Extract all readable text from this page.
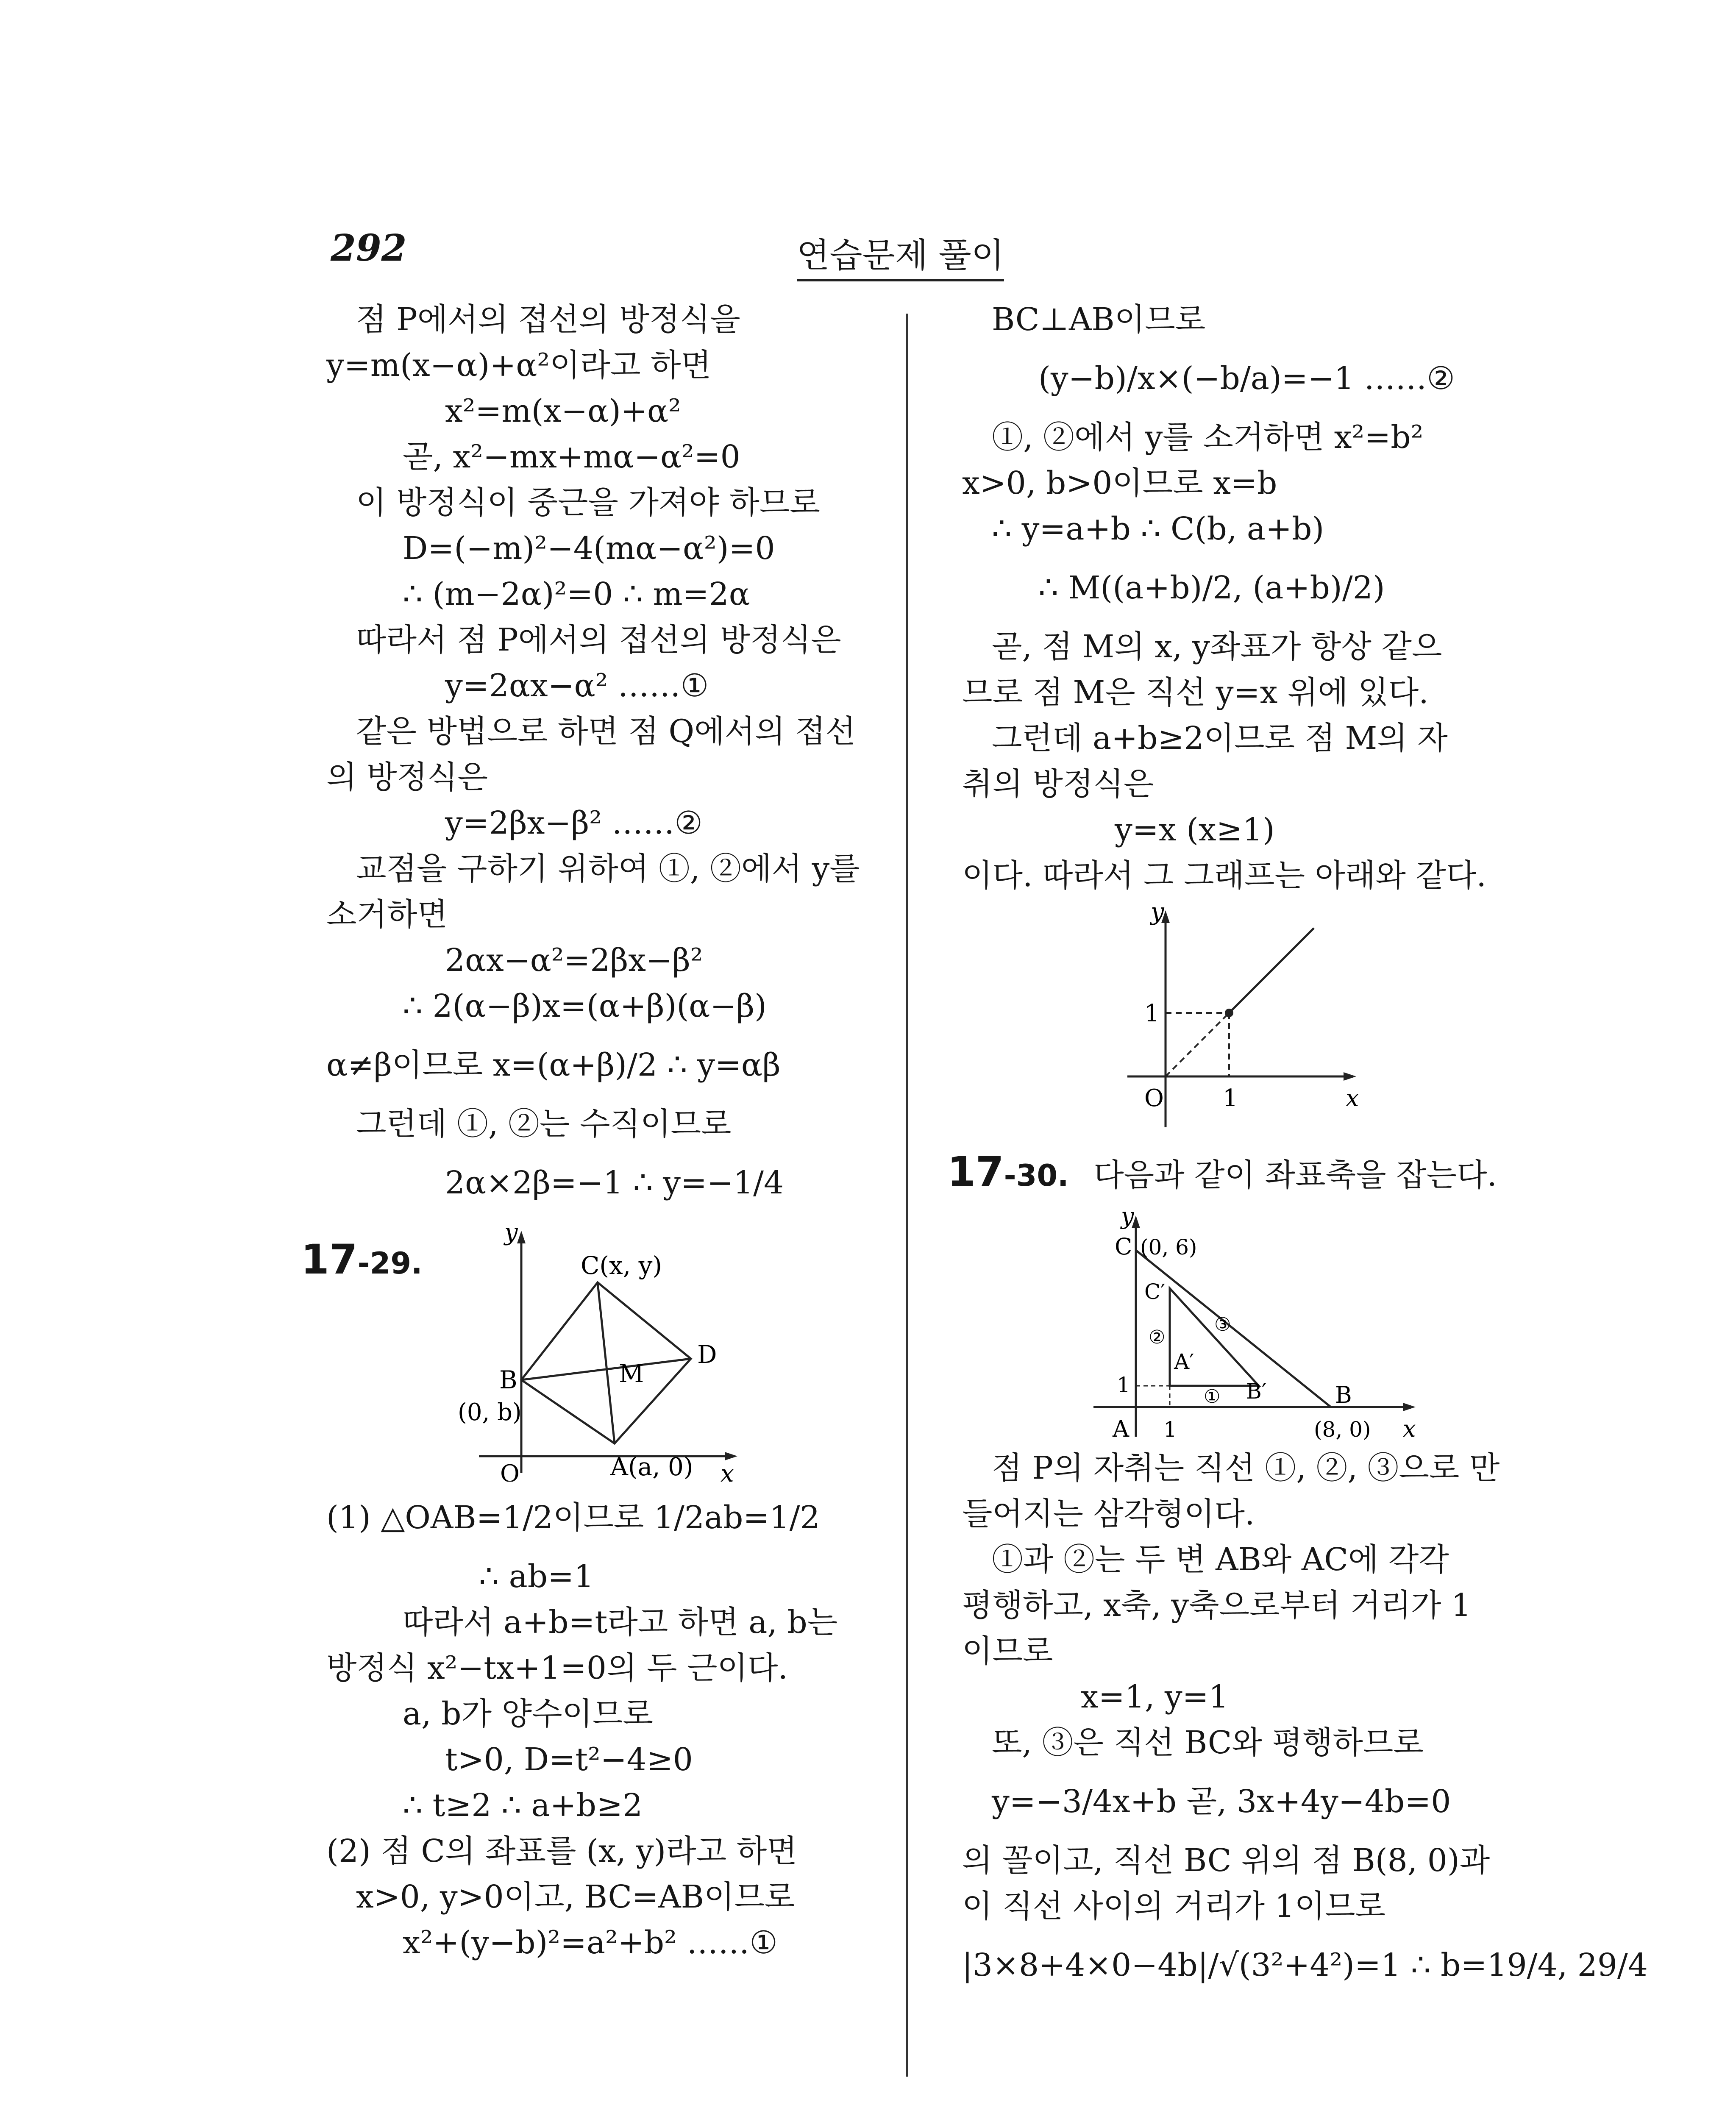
292	연습문제 풀이
점 P에서의 접선의 방정식을
y=m(x−α)+α²이라고 하면
x²=m(x−α)+α²
곧, x²−mx+mα−α²=0
이 방정식이 중근을 가져야 하므로
D=(−m)²−4(mα−α²)=0
∴ (m−2α)²=0 ∴ m=2α
따라서 점 P에서의 접선의 방정식은
y=2αx−α² ……①
같은 방법으로 하면 점 Q에서의 접선
의 방정식은
y=2βx−β² ……②
교점을 구하기 위하여 ①, ②에서 y를
소거하면
2αx−α²=2βx−β²
∴ 2(α−β)x=(α+β)(α−β)
α≠β이므로 x=(α+β)/2 ∴ y=αβ
그런데 ①, ②는 수직이므로
2α×2β=−1 ∴ y=−1/4
17-29.
y
x
O
C(x, y)
D
M
B
(0, b)
A(a, 0)
(1) △OAB=1/2이므로 1/2ab=1/2
∴ ab=1
따라서 a+b=t라고 하면 a, b는
방정식 x²−tx+1=0의 두 근이다.
a, b가 양수이므로
t>0, D=t²−4≥0
∴ t≥2 ∴ a+b≥2
(2) 점 C의 좌표를 (x, y)라고 하면
x>0, y>0이고, BC=AB이므로
x²+(y−b)²=a²+b² ……①
BC⊥AB이므로
(y−b)/x×(−b/a)=−1 ……②
①, ②에서 y를 소거하면 x²=b²
x>0, b>0이므로 x=b
∴ y=a+b ∴ C(b, a+b)
∴ M((a+b)/2, (a+b)/2)
곧, 점 M의 x, y좌표가 항상 같으
므로 점 M은 직선 y=x 위에 있다.
그런데 a+b≥2이므로 점 M의 자
취의 방정식은
y=x (x≥1)
이다. 따라서 그 그래프는 아래와 같다.
y
x
O 1
1
17-30. 다음과 같이 좌표축을 잡는다.
y
x
C (0, 6)
C′
A′
B′	B
(8, 0)
A 1
1	①
②
③
점 P의 자취는 직선 ①, ②, ③으로 만
들어지는 삼각형이다.
①과 ②는 두 변 AB와 AC에 각각
평행하고, x축, y축으로부터 거리가 1
이므로
x=1, y=1
또, ③은 직선 BC와 평행하므로
y=−3/4x+b 곧, 3x+4y−4b=0
의 꼴이고, 직선 BC 위의 점 B(8, 0)과
이 직선 사이의 거리가 1이므로
|3×8+4×0−4b|/√(3²+4²)=1 ∴ b=19/4, 29/4
